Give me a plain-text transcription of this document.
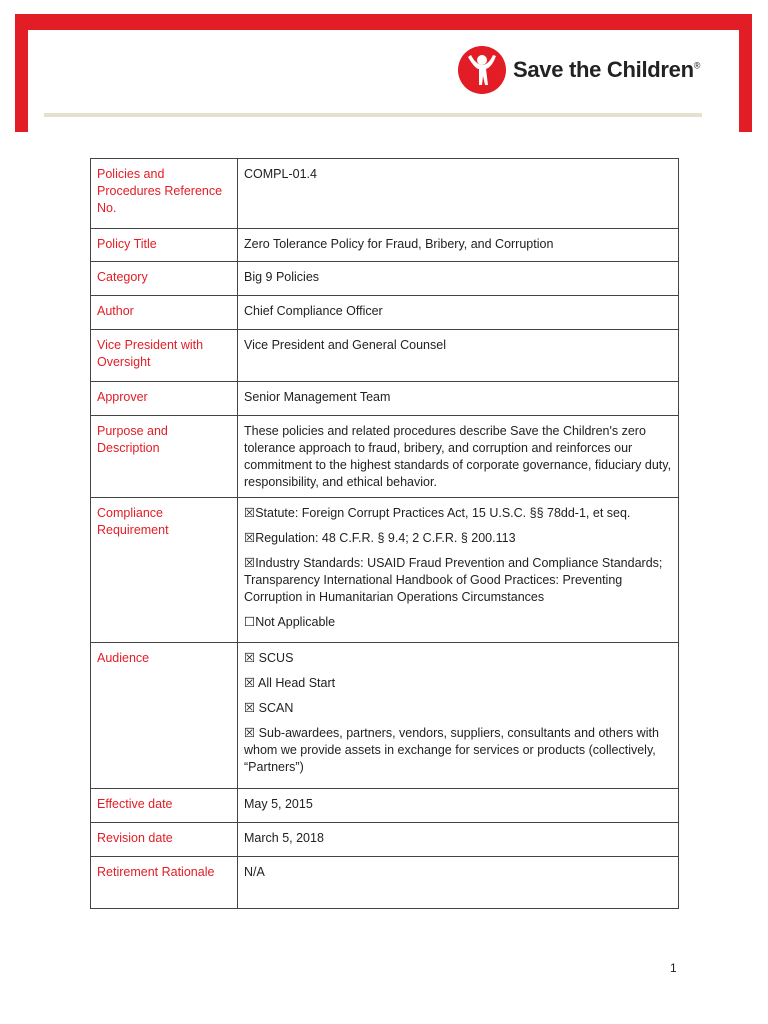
Save the Children®
Policies and Procedures Reference No.	COMPL-01.4
Policy Title	Zero Tolerance Policy for Fraud, Bribery, and Corruption
Category	Big 9 Policies
Author	Chief Compliance Officer
Vice President with Oversight	Vice President and General Counsel
Approver	Senior Management Team
Purpose and Description	These policies and related procedures describe Save the Children's zero tolerance approach to fraud, bribery, and corruption and reinforces our commitment to the highest standards of corporate governance, fiduciary duty, responsibility, and ethical behavior.
Compliance Requirement	☒Statute: Foreign Corrupt Practices Act, 15 U.S.C. §§ 78dd-1, et seq.
☒Regulation: 48 C.F.R. § 9.4; 2 C.F.R. § 200.113
☒Industry Standards: USAID Fraud Prevention and Compliance Standards; Transparency International Handbook of Good Practices: Preventing Corruption in Humanitarian Operations Circumstances
☐Not Applicable

Audience	☒ SCUS
☒ All Head Start
☒ SCAN
☒ Sub-awardees, partners, vendors, suppliers, consultants and others with whom we provide assets in exchange for services or products (collectively, “Partners”)

Effective date	May 5, 2015
Revision date	March 5, 2018
Retirement Rationale	N/A
1
